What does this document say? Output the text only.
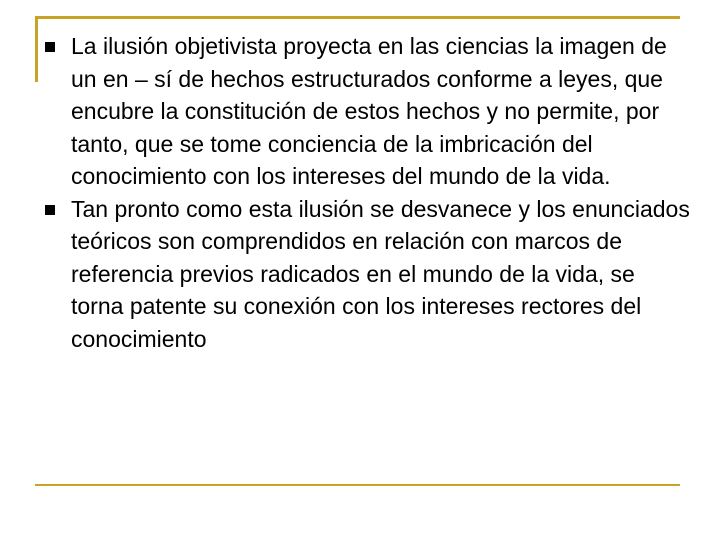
La ilusión objetivista proyecta en las ciencias la imagen de un en – sí de hechos estructurados conforme a leyes, que encubre la constitución de estos hechos y no permite, por tanto, que se tome conciencia de la imbricación del conocimiento con los intereses del mundo de la vida.
Tan pronto como esta ilusión se desvanece y los enunciados teóricos son comprendidos en relación con marcos de referencia previos radicados en el mundo de la vida, se torna patente su conexión con los intereses rectores del conocimiento
